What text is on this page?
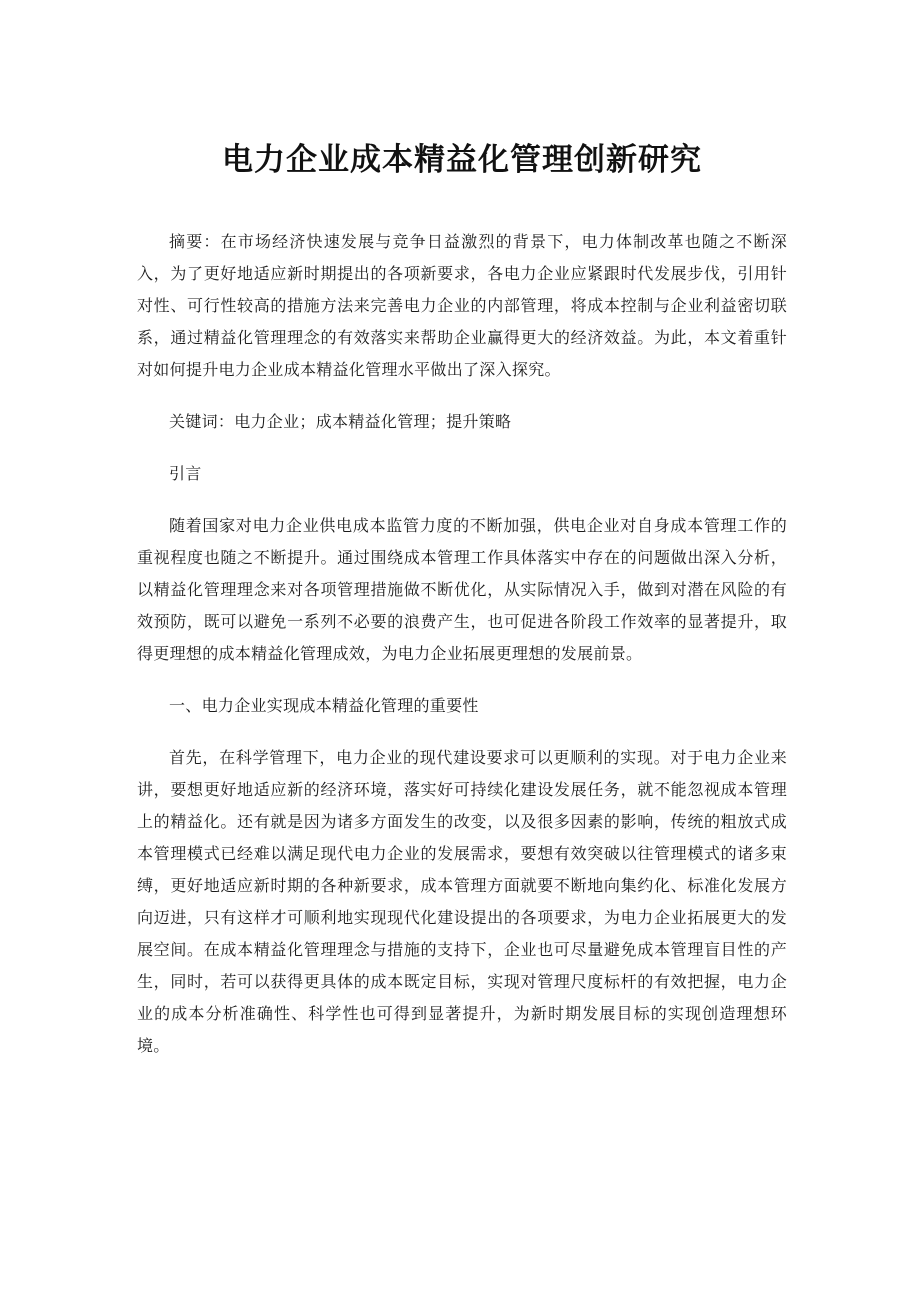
电力企业成本精益化管理创新研究

摘要：在市场经济快速发展与竞争日益激烈的背景下，电力体制改革也随之不断深入，为了更好地适应新时期提出的各项新要求，各电力企业应紧跟时代发展步伐，引用针对性、可行性较高的措施方法来完善电力企业的内部管理，将成本控制与企业利益密切联系，通过精益化管理理念的有效落实来帮助企业赢得更大的经济效益。为此，本文着重针对如何提升电力企业成本精益化管理水平做出了深入探究。

关键词：电力企业；成本精益化管理；提升策略

引言

随着国家对电力企业供电成本监管力度的不断加强，供电企业对自身成本管理工作的重视程度也随之不断提升。通过围绕成本管理工作具体落实中存在的问题做出深入分析，以精益化管理理念来对各项管理措施做不断优化，从实际情况入手，做到对潜在风险的有效预防，既可以避免一系列不必要的浪费产生，也可促进各阶段工作效率的显著提升，取得更理想的成本精益化管理成效，为电力企业拓展更理想的发展前景。

一、电力企业实现成本精益化管理的重要性

首先，在科学管理下，电力企业的现代建设要求可以更顺利的实现。对于电力企业来讲，要想更好地适应新的经济环境，落实好可持续化建设发展任务，就不能忽视成本管理上的精益化。还有就是因为诸多方面发生的改变，以及很多因素的影响，传统的粗放式成本管理模式已经难以满足现代电力企业的发展需求，要想有效突破以往管理模式的诸多束缚，更好地适应新时期的各种新要求，成本管理方面就要不断地向集约化、标准化发展方向迈进，只有这样才可顺利地实现现代化建设提出的各项要求，为电力企业拓展更大的发展空间。在成本精益化管理理念与措施的支持下，企业也可尽量避免成本管理盲目性的产生，同时，若可以获得更具体的成本既定目标，实现对管理尺度标杆的有效把握，电力企业的成本分析准确性、科学性也可得到显著提升，为新时期发展目标的实现创造理想环境。
